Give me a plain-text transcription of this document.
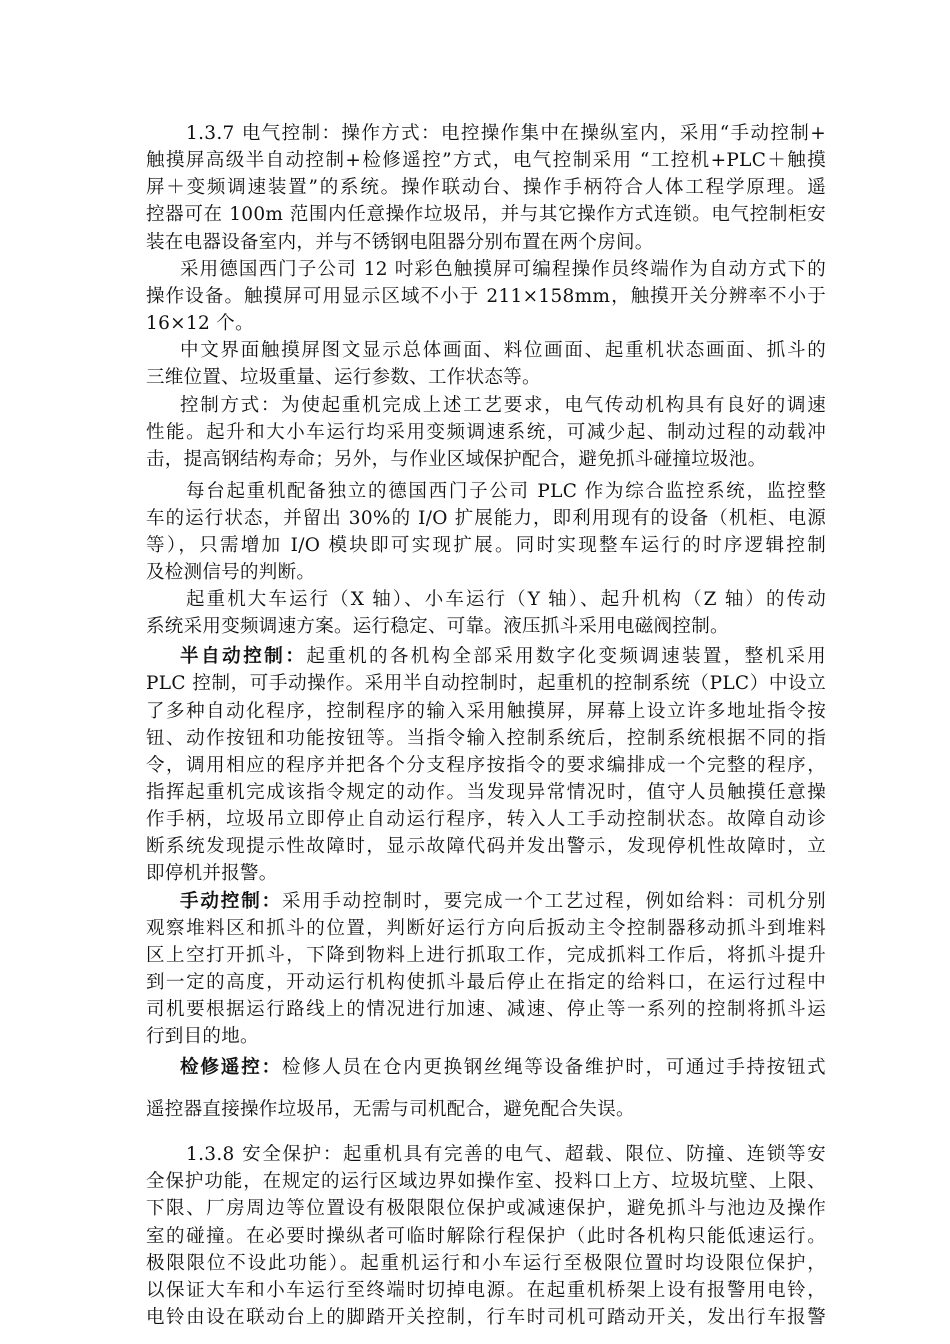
1.3.7 电气控制：操作方式：电控操作集中在操纵室内，采用“手动控制+
触摸屏高级半自动控制+检修遥控”方式，电气控制采用 “工控机+PLC＋触摸
屏＋变频调速装置”的系统。操作联动台、操作手柄符合人体工程学原理。遥
控器可在 100m 范围内任意操作垃圾吊，并与其它操作方式连锁。电气控制柜安
装在电器设备室内，并与不锈钢电阻器分别布置在两个房间。
采用德国西门子公司 12 吋彩色触摸屏可编程操作员终端作为自动方式下的
操作设备。触摸屏可用显示区域不小于 211×158mm，触摸开关分辨率不小于
16×12 个。
中文界面触摸屏图文显示总体画面、料位画面、起重机状态画面、抓斗的
三维位置、垃圾重量、运行参数、工作状态等。
控制方式：为使起重机完成上述工艺要求，电气传动机构具有良好的调速
性能。起升和大小车运行均采用变频调速系统，可减少起、制动过程的动载冲
击，提高钢结构寿命；另外，与作业区域保护配合，避免抓斗碰撞垃圾池。
每台起重机配备独立的德国西门子公司 PLC 作为综合监控系统，监控整
车的运行状态，并留出 30%的 I/O 扩展能力，即利用现有的设备（机柜、电源
等），只需增加 I/O 模块即可实现扩展。同时实现整车运行的时序逻辑控制
及检测信号的判断。
起重机大车运行（X 轴）、小车运行（Y 轴）、起升机构（Z 轴）的传动
系统采用变频调速方案。运行稳定、可靠。液压抓斗采用电磁阀控制。
半自动控制：起重机的各机构全部采用数字化变频调速装置，整机采用
PLC 控制，可手动操作。采用半自动控制时，起重机的控制系统（PLC）中设立
了多种自动化程序，控制程序的输入采用触摸屏，屏幕上设立许多地址指令按
钮、动作按钮和功能按钮等。当指令输入控制系统后，控制系统根据不同的指
令，调用相应的程序并把各个分支程序按指令的要求编排成一个完整的程序，
指挥起重机完成该指令规定的动作。当发现异常情况时，值守人员触摸任意操
作手柄，垃圾吊立即停止自动运行程序，转入人工手动控制状态。故障自动诊
断系统发现提示性故障时，显示故障代码并发出警示，发现停机性故障时，立
即停机并报警。
手动控制：采用手动控制时，要完成一个工艺过程，例如给料：司机分别
观察堆料区和抓斗的位置，判断好运行方向后扳动主令控制器移动抓斗到堆料
区上空打开抓斗，下降到物料上进行抓取工作，完成抓料工作后，将抓斗提升
到一定的高度，开动运行机构使抓斗最后停止在指定的给料口，在运行过程中
司机要根据运行路线上的情况进行加速、减速、停止等一系列的控制将抓斗运
行到目的地。
检修遥控：检修人员在仓内更换钢丝绳等设备维护时，可通过手持按钮式
遥控器直接操作垃圾吊，无需与司机配合，避免配合失误。
1.3.8 安全保护：起重机具有完善的电气、超载、限位、防撞、连锁等安
全保护功能，在规定的运行区域边界如操作室、投料口上方、垃圾坑壁、上限、
下限、厂房周边等位置设有极限限位保护或减速保护，避免抓斗与池边及操作
室的碰撞。在必要时操纵者可临时解除行程保护（此时各机构只能低速运行。
极限限位不设此功能）。起重机运行和小车运行至极限位置时均设限位保护，
以保证大车和小车运行至终端时切掉电源。在起重机桥架上设有报警用电铃，
电铃由设在联动台上的脚踏开关控制，行车时司机可踏动开关，发出行车报警
